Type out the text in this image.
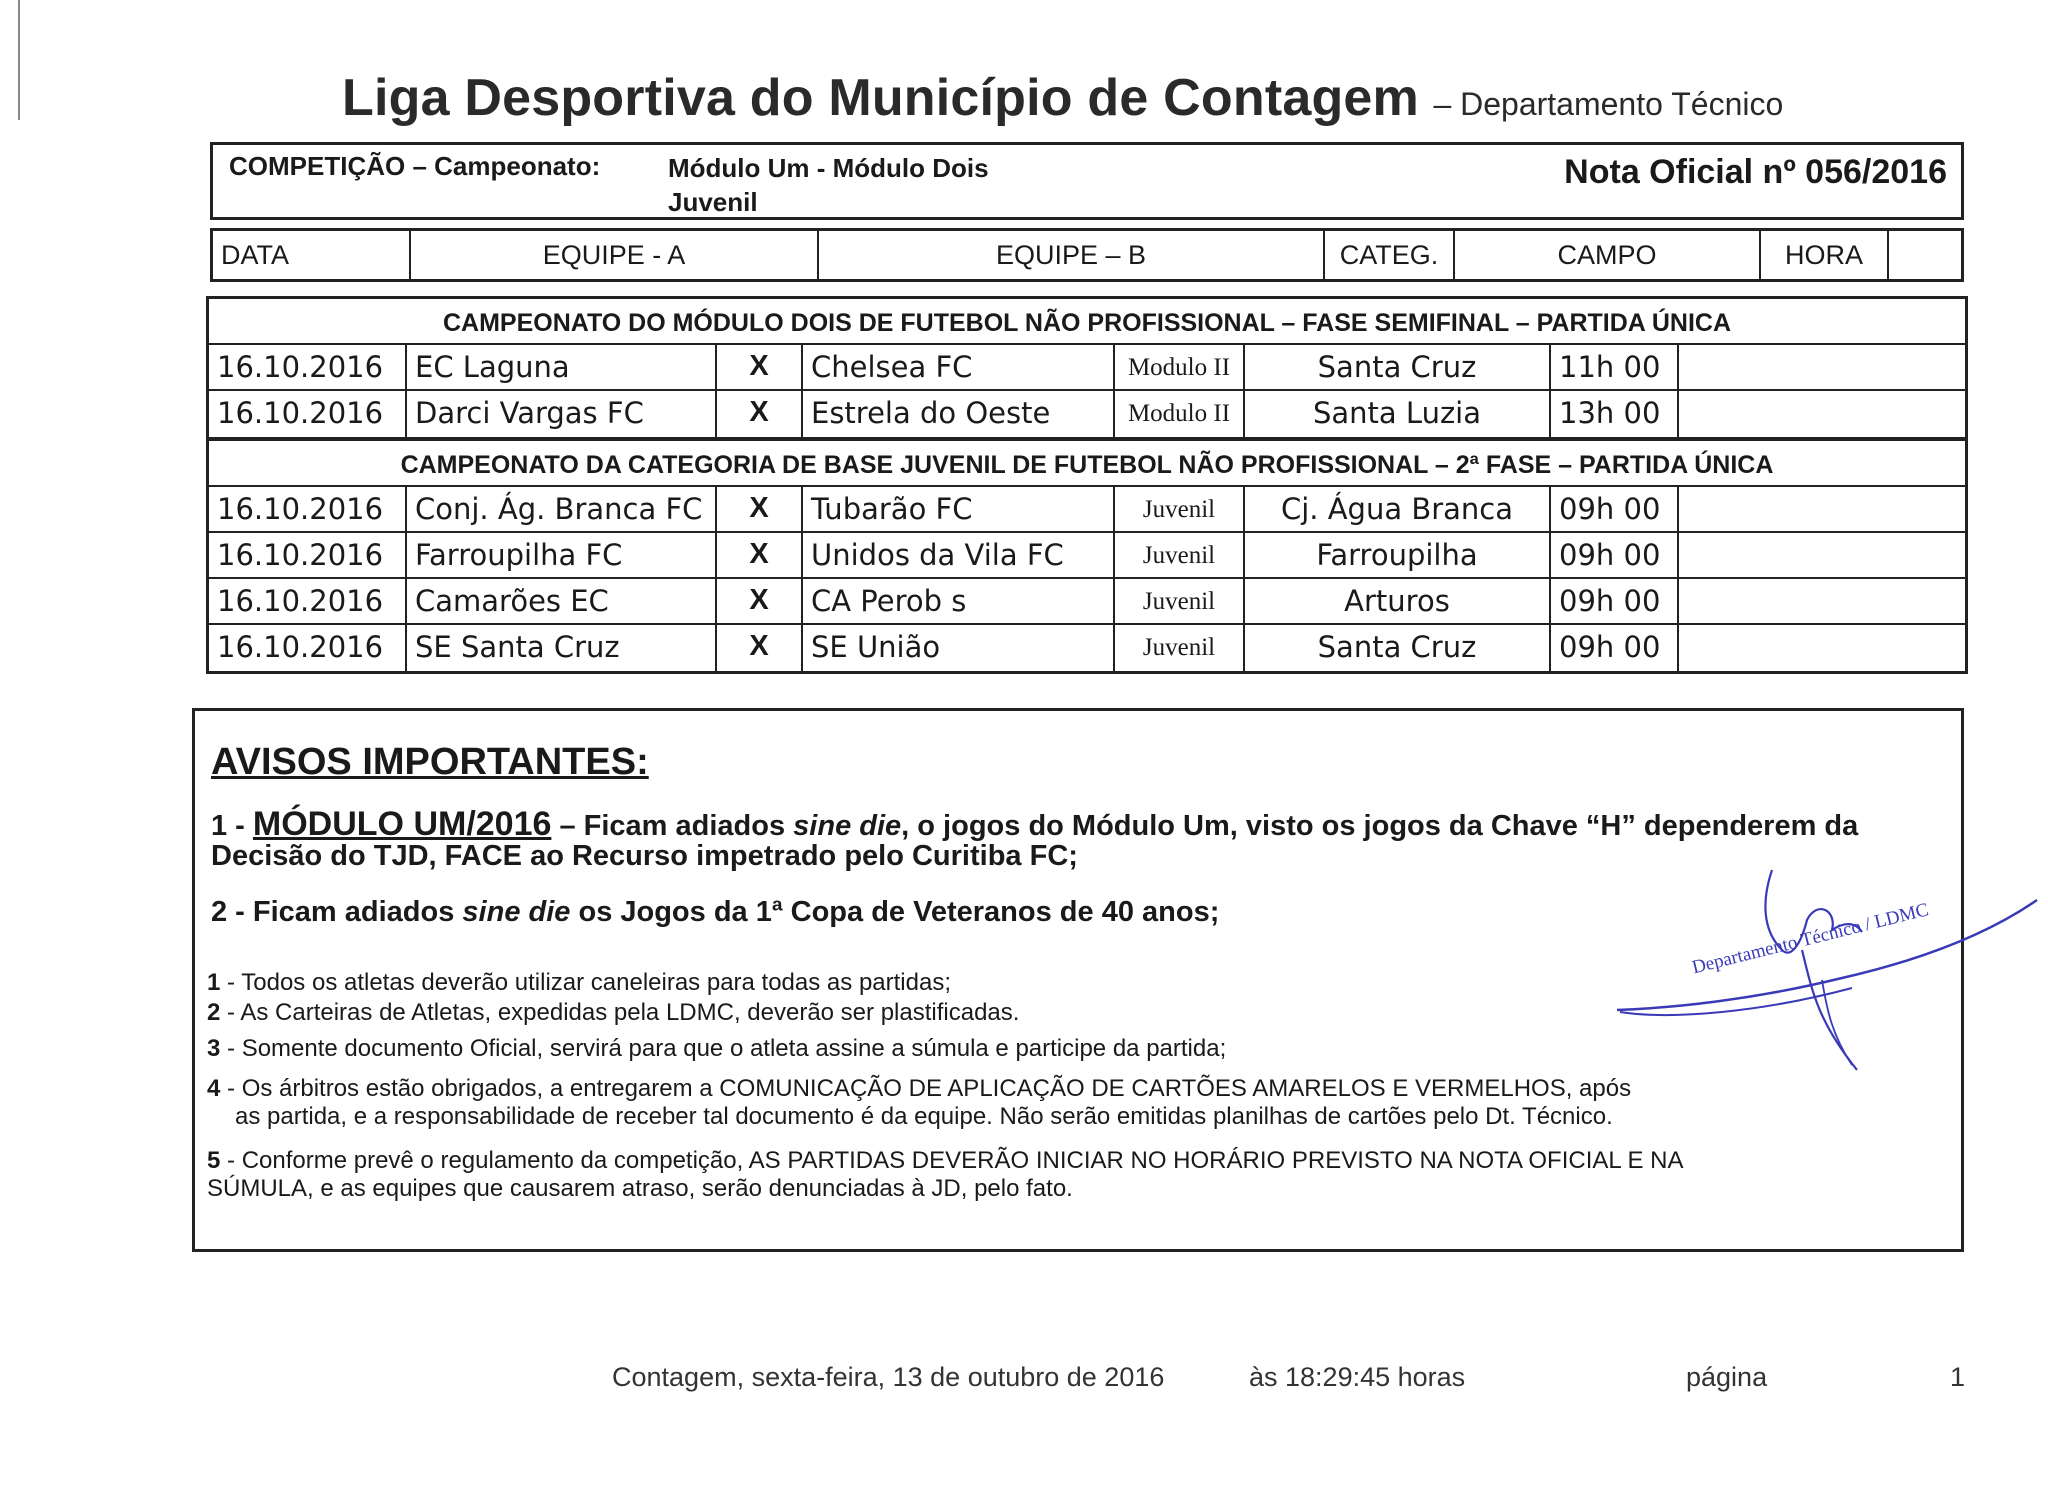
Liga Desportiva do Município de Contagem – Departamento Técnico
COMPETIÇÃO – Campeonato:	Módulo Um - Módulo Dois
Juvenil
Nota Oficial nº 056/2016
DATA	EQUIPE - A	EQUIPE – B	CATEG.	CAMPO	HORA
CAMPEONATO DO MÓDULO DOIS DE FUTEBOL NÃO PROFISSIONAL – FASE SEMIFINAL – PARTIDA ÚNICA
16.10.2016	EC Laguna	X	Chelsea FC	Modulo II	Santa Cruz	11h 00
16.10.2016	Darci Vargas FC	X	Estrela do Oeste	Modulo II	Santa Luzia	13h 00
CAMPEONATO DA CATEGORIA DE BASE JUVENIL DE FUTEBOL NÃO PROFISSIONAL – 2ª FASE – PARTIDA ÚNICA
16.10.2016	Conj. Ág. Branca FC	X	Tubarão FC	Juvenil	Cj. Água Branca	09h 00
16.10.2016	Farroupilha FC	X	Unidos da Vila FC	Juvenil	Farroupilha	09h 00
16.10.2016	Camarões EC	X	CA Perob⁠ ⁠s	Juvenil	Arturos	09h 00
16.10.2016	SE Santa Cruz	X	SE União	Juvenil	Santa Cruz	09h 00
AVISOS IMPORTANTES:
1 - MÓDULO UM/2016 – Ficam adiados sine die, o jogos do Módulo Um, visto os jogos da Chave “H” dependerem da
Decisão do TJD, FACE ao Recurso impetrado pelo Curitiba FC;
2 - Ficam adiados sine die os Jogos da 1ª Copa de Veteranos de 40 anos;
1 - Todos os atletas deverão utilizar caneleiras para todas as partidas;
2 - As Carteiras de Atletas, expedidas pela LDMC, deverão ser plastificadas.
3 - Somente documento Oficial, servirá para que o atleta assine a súmula e participe da partida;
4 - Os árbitros estão obrigados, a entregarem a COMUNICAÇÃO DE APLICAÇÃO DE CARTÕES AMARELOS E VERMELHOS, após
as partida, e a responsabilidade de receber tal documento é da equipe. Não serão emitidas planilhas de cartões pelo Dt. Técnico.
5 - Conforme prevê o regulamento da competição, AS PARTIDAS DEVERÃO INICIAR NO HORÁRIO PREVISTO NA NOTA OFICIAL E NA
SÚMULA, e as equipes que causarem atraso, serão denunciadas à JD, pelo fato.
Departamento Técnico / LDMC
Contagem, sexta-feira, 13 de outubro de 2016	às 18:29:45 horas	página	1
